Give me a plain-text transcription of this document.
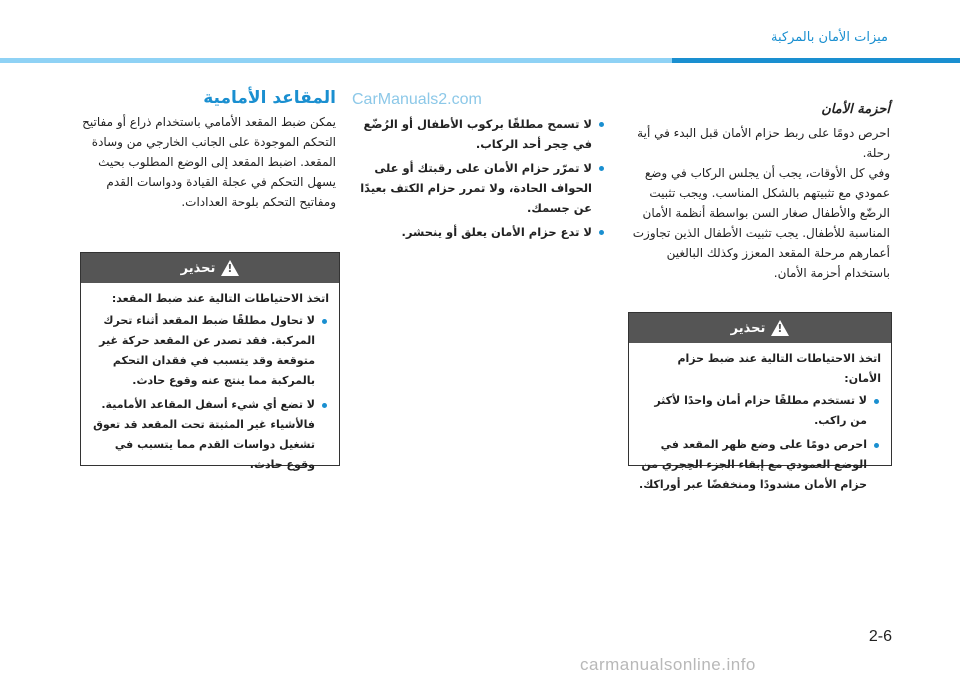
ميزات الأمان بالمركبة
CarManuals2.com

أحزمة الأمان

احرص دومًا على ربط حزام الأمان قبل البدء في أية رحلة.

وفي كل الأوقات، يجب أن يجلس الركاب في وضع عمودي مع تثبيتهم بالشكل المناسب. ويجب تثبيت الرضّع والأطفال صغار السن بواسطة أنظمة الأمان المناسبة للأطفال. يجب تثبيت الأطفال الذين تجاوزت أعمارهم مرحلة المقعد المعزز وكذلك البالغين باستخدام أحزمة الأمان.

لا تسمح مطلقًا بركوب الأطفال أو الرُضّع في حِجر أحد الركاب.
لا تمرّر حزام الأمان على رقبتك أو على الحواف الحادة، ولا تمرر حزام الكتف بعيدًا عن جسمك.
لا تدع حزام الأمان يعلق أو ينحشر.

المقاعد الأمامية

يمكن ضبط المقعد الأمامي باستخدام ذراع أو مفاتيح التحكم الموجودة على الجانب الخارجي من وسادة المقعد. اضبط المقعد إلى الوضع المطلوب بحيث يسهل التحكم في عجلة القيادة ودواسات القدم ومفاتيح التحكم بلوحة العدادات.

!
تحذير

اتخذ الاحتياطات التالية عند ضبط المقعد:

لا تحاول مطلقًا ضبط المقعد أثناء تحرك المركبة. فقد تصدر عن المقعد حركة غير متوقعة وقد يتسبب في فقدان التحكم بالمركبة مما ينتج عنه وقوع حادث.
لا تضع أي شيء أسفل المقاعد الأمامية. فالأشياء غير المثبتة تحت المقعد قد تعوق تشغيل دواسات القدم مما يتسبب في وقوع حادث.
!
تحذير

اتخذ الاحتياطات التالية عند ضبط حزام الأمان:

لا تستخدم مطلقًا حزام أمان واحدًا لأكثر من راكب.
احرص دومًا على وضع ظهر المقعد في الوضع العمودي مع إبقاء الجزء الحِجري من حزام الأمان مشدودًا ومنخفضًا عبر أوراكك.
2-6
carmanualsonline.info
